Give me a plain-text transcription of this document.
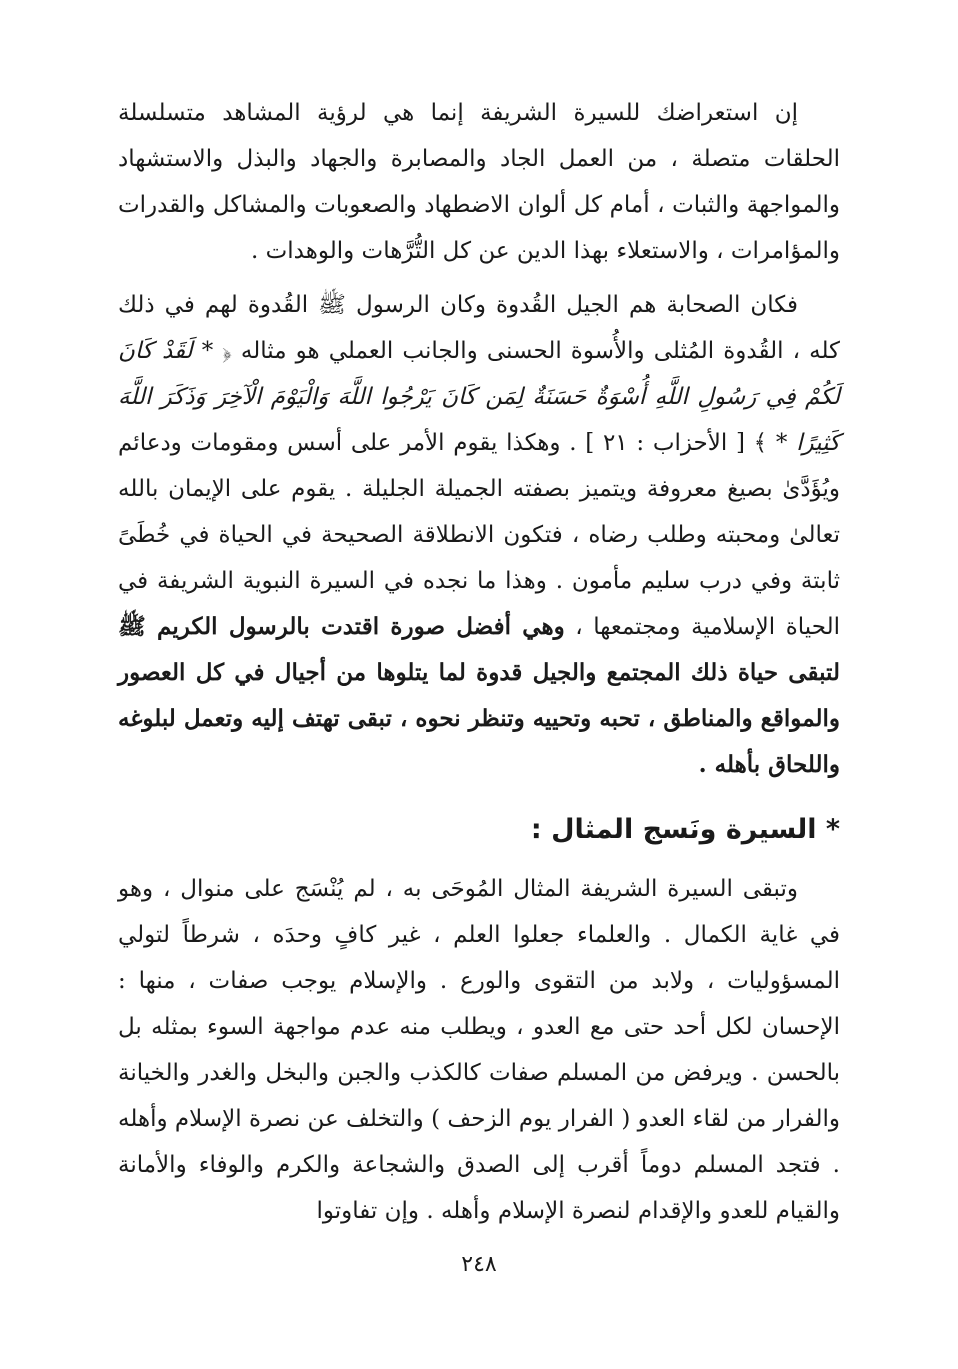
إن استعراضك للسيرة الشريفة إنما هي لرؤية المشاهد متسلسلة الحلقات متصلة ، من العمل الجاد والمصابرة والجهاد والبذل والاستشهاد والمواجهة والثبات ، أمام كل ألوان الاضطهاد والصعوبات والمشاكل والقدرات والمؤامرات ، والاستعلاء بهذا الدين عن كل التُّرَّهات والوهدات .

فكان الصحابة هم الجيل القُدوة وكان الرسول ﷺ القُدوة لهم في ذلك كله ، القُدوة المُثلى والأُسوة الحسنى والجانب العملي هو مثاله ﴿ * لَقَدْ كَانَ لَكُمْ فِي رَسُولِ اللَّهِ أُسْوَةٌ حَسَنَةٌ لِمَن كَانَ يَرْجُوا اللَّهَ وَالْيَوْمَ الْآخِرَ وَذَكَرَ اللَّهَ كَثِيرًا * ﴾ [ الأحزاب : ٢١ ] . وهكذا يقوم الأمر على أسس ومقومات ودعائم ويُؤَدَّىٰ بصيغ معروفة ويتميز بصفته الجميلة الجليلة . يقوم على الإيمان بالله تعالىٰ ومحبته وطلب رضاه ، فتكون الانطلاقة الصحيحة في الحياة في خُطَىً ثابتة وفي درب سليم مأمون . وهذا ما نجده في السيرة النبوية الشريفة في الحياة الإسلامية ومجتمعها ، وهي أفضل صورة اقتدت بالرسول الكريم ﷺ لتبقى حياة ذلك المجتمع والجيل قدوة لما يتلوها من أجيال في كل العصور والمواقع والمناطق ، تحبه وتحييه وتنظر نحوه ، تبقى تهتف إليه وتعمل لبلوغه واللحاق بأهله .

* السيرة ونَسج المثال :

وتبقى السيرة الشريفة المثال المُوحَى به ، لم يُنْسَج على منوال ، وهو في غاية الكمال . والعلماء جعلوا العلم ، غير كافٍ وحدَه ، شرطاً لتولي المسؤوليات ، ولابد من التقوى والورع . والإسلام يوجب صفات ، منها : الإحسان لكل أحد حتى مع العدو ، ويطلب منه عدم مواجهة السوء بمثله بل بالحسن . ويرفض من المسلم صفات كالكذب والجبن والبخل والغدر والخيانة والفرار من لقاء العدو ( الفرار يوم الزحف ) والتخلف عن نصرة الإسلام وأهله . فتجد المسلم دوماً أقرب إلى الصدق والشجاعة والكرم والوفاء والأمانة والقيام للعدو والإقدام لنصرة الإسلام وأهله . وإن تفاوتوا

٢٤٨
